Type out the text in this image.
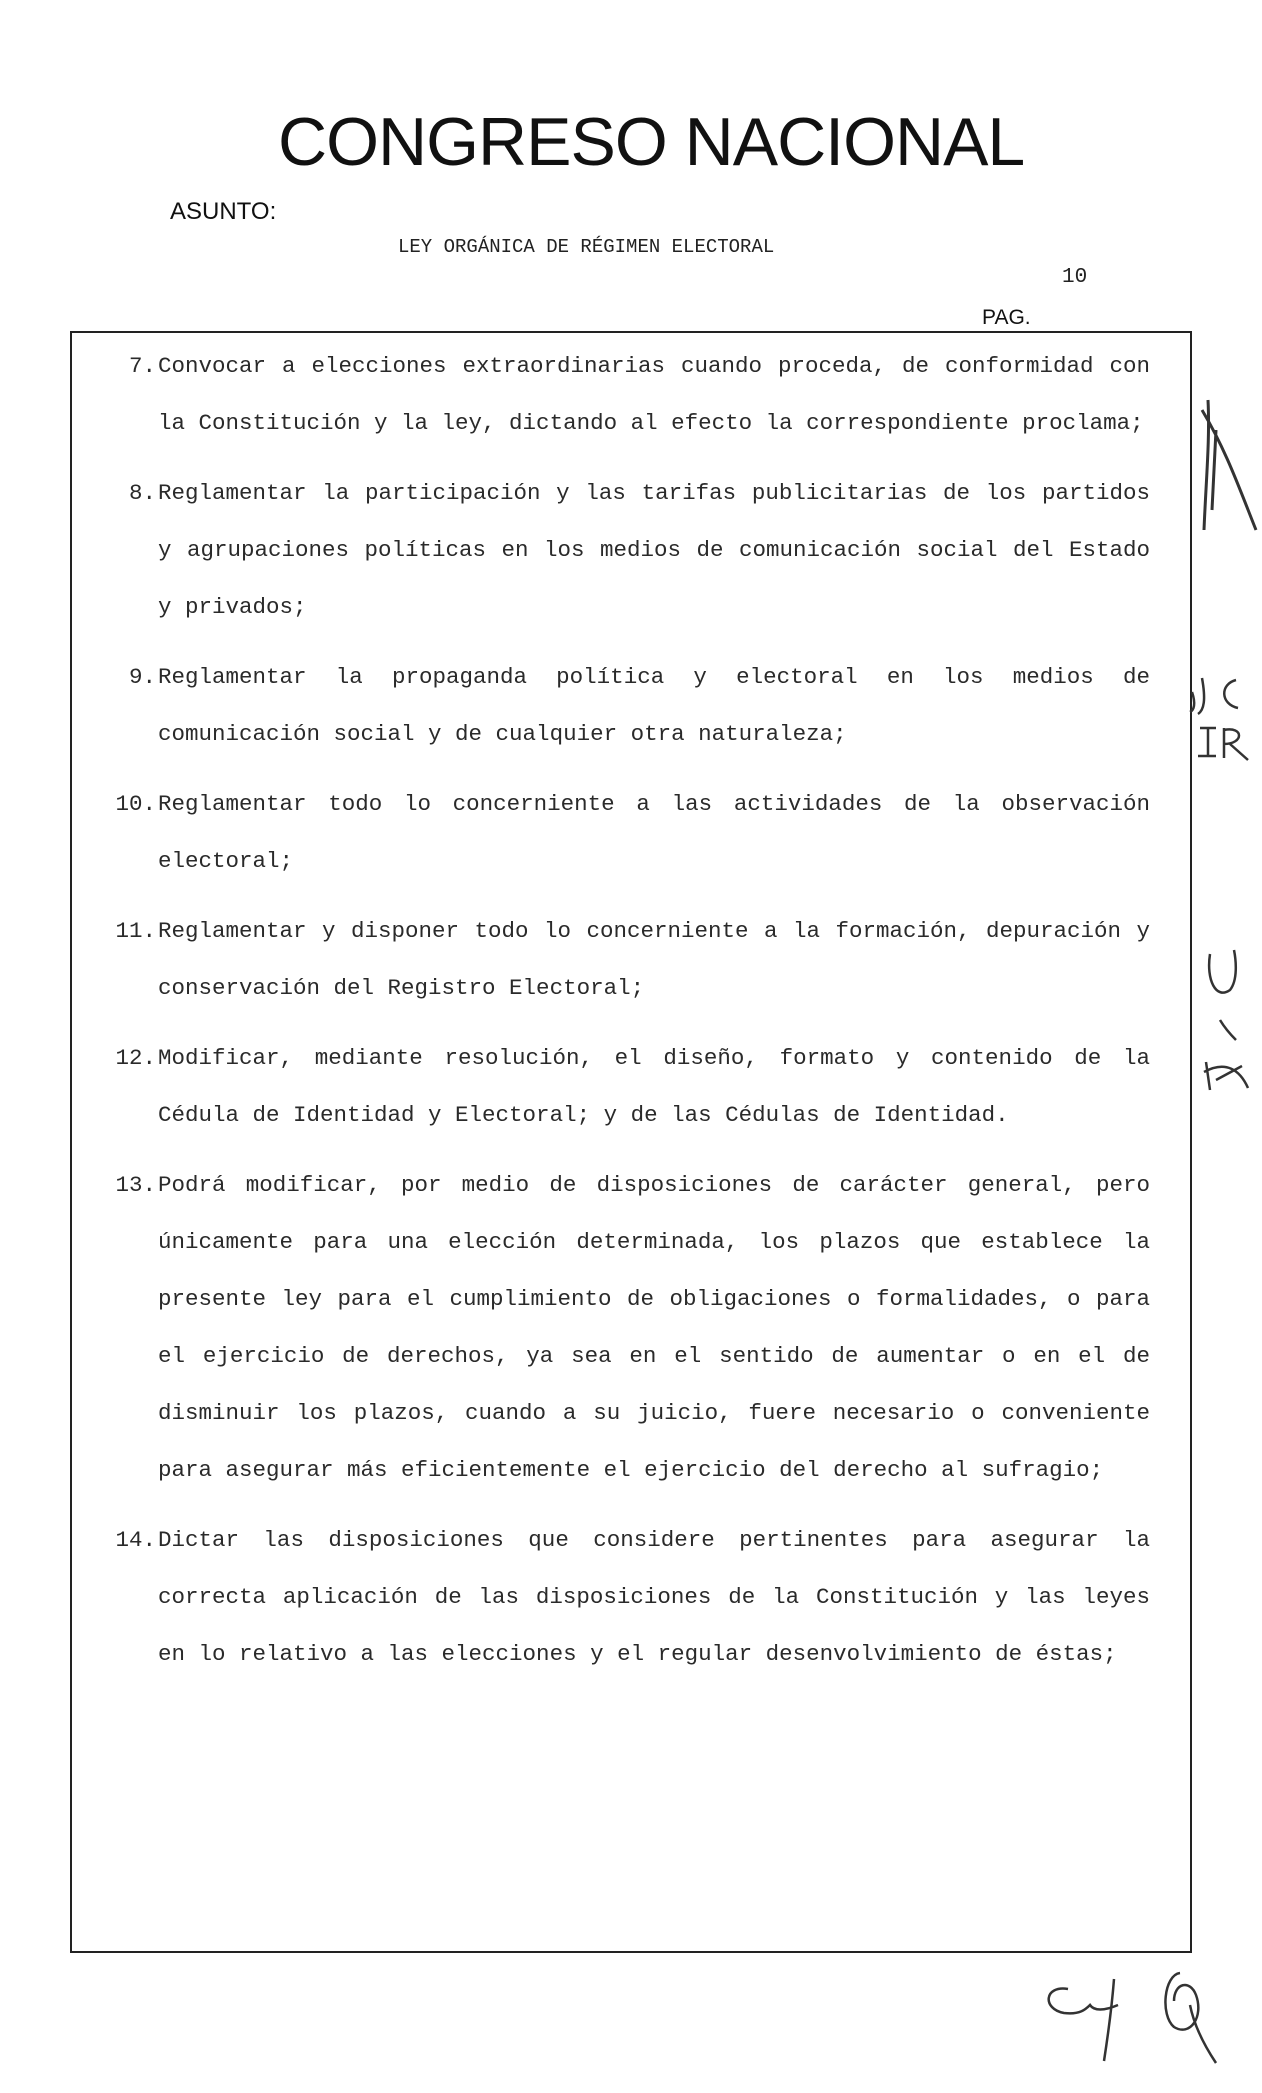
CONGRESO NACIONAL
ASUNTO:
LEY ORGÁNICA DE RÉGIMEN ELECTORAL
10
PAG.
7. Convocar a elecciones extraordinarias cuando proceda, de conformidad con la Constitución y la ley, dictando al efecto la correspondiente proclama;
8. Reglamentar la participación y las tarifas publicitarias de los partidos y agrupaciones políticas en los medios de comunicación social del Estado y privados;
9. Reglamentar la propaganda política y electoral en los medios de comunicación social y de cualquier otra naturaleza;
10. Reglamentar todo lo concerniente a las actividades de la observación electoral;
11. Reglamentar y disponer todo lo concerniente a la formación, depuración y conservación del Registro Electoral;
12. Modificar, mediante resolución, el diseño, formato y contenido de la Cédula de Identidad y Electoral; y de las Cédulas de Identidad.
13. Podrá modificar, por medio de disposiciones de carácter general, pero únicamente para una elección determinada, los plazos que establece la presente ley para el cumplimiento de obligaciones o formalidades, o para el ejercicio de derechos, ya sea en el sentido de aumentar o en el de disminuir los plazos, cuando a su juicio, fuere necesario o conveniente para asegurar más eficientemente el ejercicio del derecho al sufragio;
14. Dictar las disposiciones que considere pertinentes para asegurar la correcta aplicación de las disposiciones de la Constitución y las leyes en lo relativo a las elecciones y el regular desenvolvimiento de éstas;
